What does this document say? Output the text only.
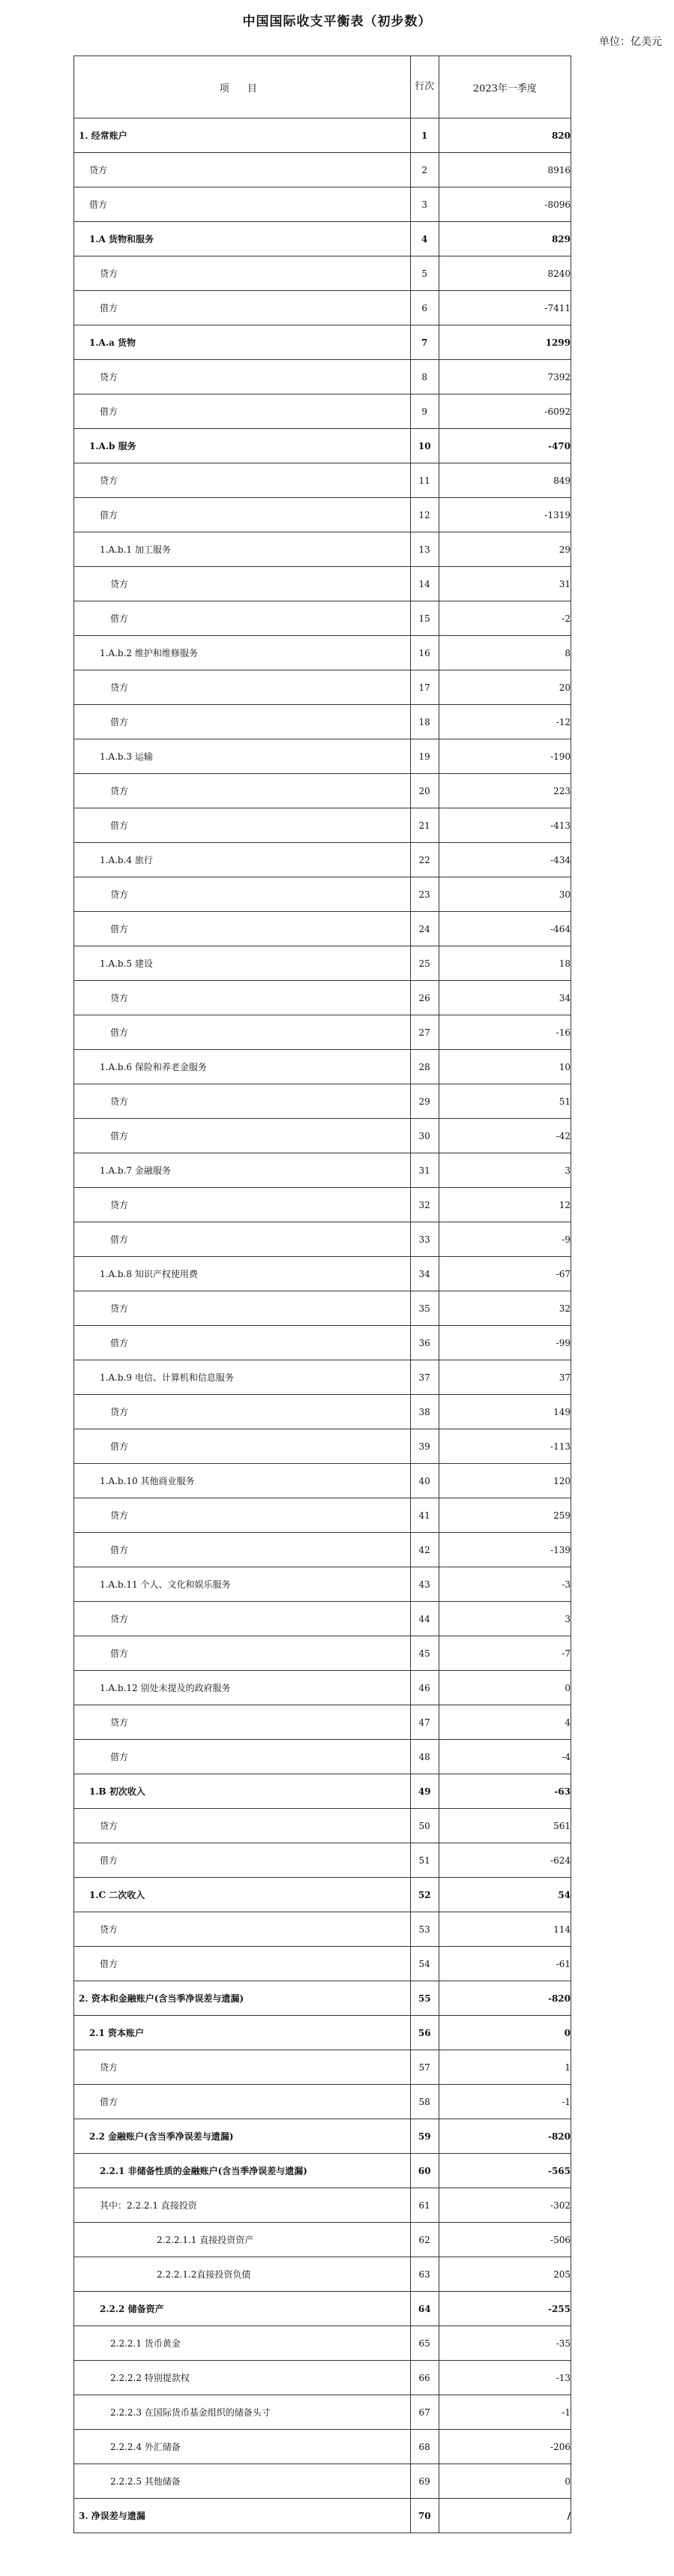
中国国际收支平衡表（初步数）
单位：亿美元
项 目	行次	2023年一季度
1. 经常账户	1	820
贷方	2	8916
借方	3	-8096
1.A 货物和服务	4	829
贷方	5	8240
借方	6	-7411
1.A.a 货物	7	1299
贷方	8	7392
借方	9	-6092
1.A.b 服务	10	-470
贷方	11	849
借方	12	-1319
1.A.b.1 加工服务	13	29
贷方	14	31
借方	15	-2
1.A.b.2 维护和维修服务	16	8
贷方	17	20
借方	18	-12
1.A.b.3 运输	19	-190
贷方	20	223
借方	21	-413
1.A.b.4 旅行	22	-434
贷方	23	30
借方	24	-464
1.A.b.5 建设	25	18
贷方	26	34
借方	27	-16
1.A.b.6 保险和养老金服务	28	10
贷方	29	51
借方	30	-42
1.A.b.7 金融服务	31	3
贷方	32	12
借方	33	-9
1.A.b.8 知识产权使用费	34	-67
贷方	35	32
借方	36	-99
1.A.b.9 电信、计算机和信息服务	37	37
贷方	38	149
借方	39	-113
1.A.b.10 其他商业服务	40	120
贷方	41	259
借方	42	-139
1.A.b.11 个人、文化和娱乐服务	43	-3
贷方	44	3
借方	45	-7
1.A.b.12 别处未提及的政府服务	46	0
贷方	47	4
借方	48	-4
1.B 初次收入	49	-63
贷方	50	561
借方	51	-624
1.C 二次收入	52	54
贷方	53	114
借方	54	-61
2. 资本和金融账户(含当季净误差与遗漏)	55	-820
2.1 资本账户	56	0
贷方	57	1
借方	58	-1
2.2 金融账户(含当季净误差与遗漏)	59	-820
2.2.1 非储备性质的金融账户(含当季净误差与遗漏)	60	-565
其中：2.2.2.1 直接投资	61	-302
2.2.2.1.1 直接投资资产	62	-506
2.2.2.1.2直接投资负债	63	205
2.2.2 储备资产	64	-255
2.2.2.1 货币黄金	65	-35
2.2.2.2 特别提款权	66	-13
2.2.2.3 在国际货币基金组织的储备头寸	67	-1
2.2.2.4 外汇储备	68	-206
2.2.2.5 其他储备	69	0
3. 净误差与遗漏	70	/
